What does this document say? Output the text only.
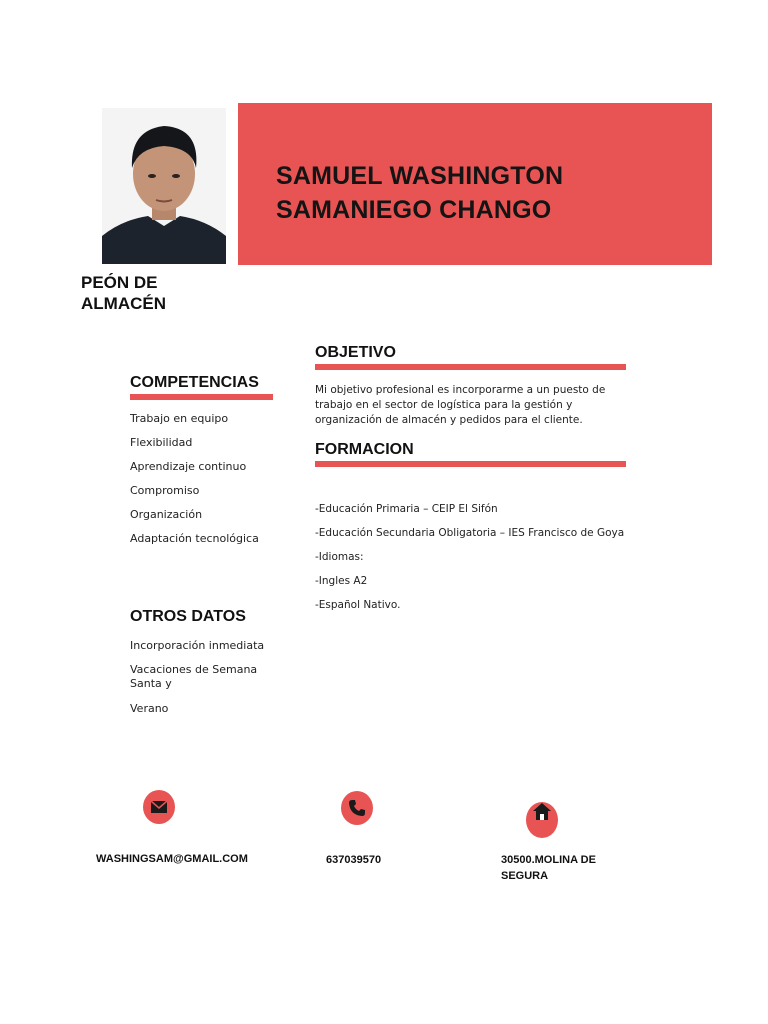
SAMUEL WASHINGTON
SAMANIEGO CHANGO

PEÓN DE
ALMACÉN

COMPETENCIAS
Trabajo en equipo
Flexibilidad
Aprendizaje continuo
Compromiso
Organización
Adaptación tecnológica
OTROS DATOS

Incorporación inmediata

Vacaciones de Semana Santa y

Verano

OBJETIVO

Mi objetivo profesional es incorporarme a un puesto de trabajo en el sector de logística para la gestión y organización de almacén y pedidos para el cliente.

FORMACION
-Educación Primaria – CEIP El Sifón
-Educación Secundaria Obligatoria – IES Francisco de Goya
-Idiomas:
-Ingles A2
-Español Nativo.

WASHINGSAM@GMAIL.COM	637039570	30500.MOLINA DE SEGURA
